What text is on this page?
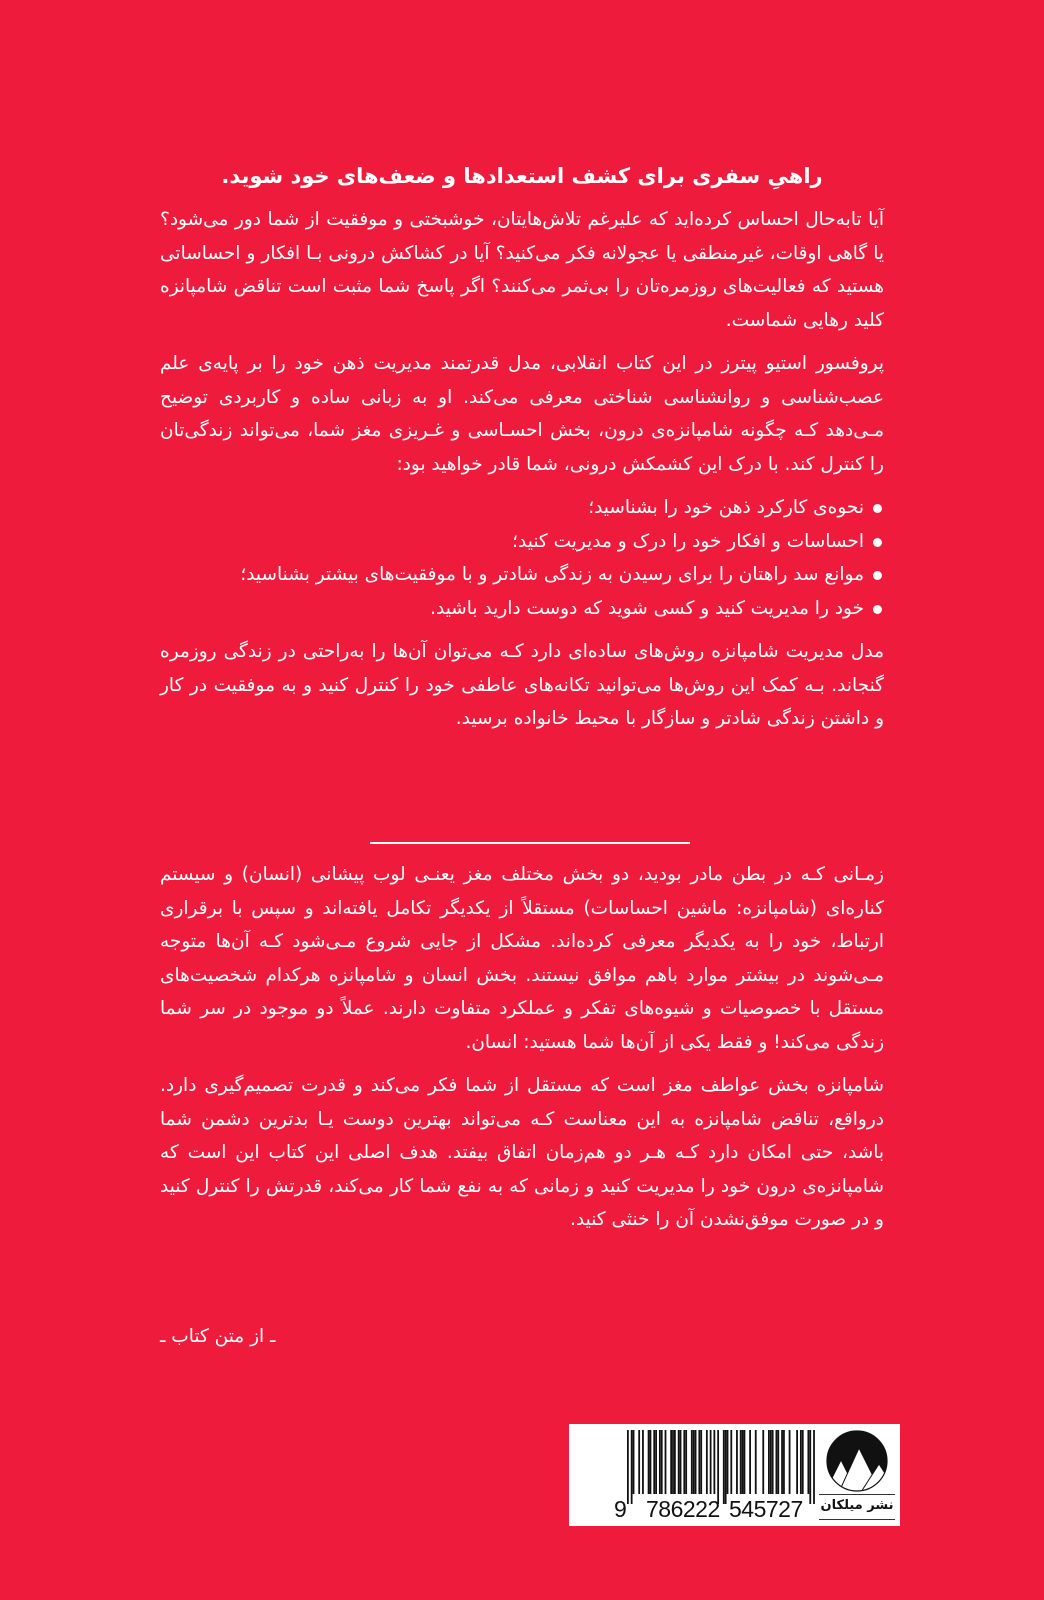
راهیِ سفری برای کشف استعدادها و ضعف‌های خود شوید.

آیا تابه‌حال احساس کرده‌اید که علیرغم تلاش‌هایتان، خوشبختی و موفقیت از شما دور می‌شود؟ یا گاهی اوقات، غیرمنطقی یا عجولانه فکر می‌کنید؟ آیا در کشاکش درونی بـا افکار و احساساتی هستید که فعالیت‌های روزمره‌تان را بی‌ثمر می‌کنند؟ اگر پاسخ شما مثبت است تناقض شامپانزه کلید رهایی شماست.

پروفسور استیو پیترز در این کتاب انقلابی، مدل قدرتمند مدیریت ذهن خود را بر پایه‌ی علم عصب‌شناسی و روانشناسی شناختی معرفی می‌کند. او به زبانی ساده و کاربردی توضیح مـی‌دهد کـه چگونه شامپانزه‌ی درون، بخش احسـاسی و غـریزی مغز شما، می‌تواند زندگی‌تان را کنترل کند. با درک این کشمکش درونی، شما قادر خواهید بود:

نحوه‌ی کارکرد ذهن خود را بشناسید؛
احساسات و افکار خود را درک و مدیریت کنید؛
موانع سد راهتان را برای رسیدن به زندگی شادتر و با موفقیت‌های بیشتر بشناسید؛
خود را مدیریت کنید و کسی شوید که دوست دارید باشید.

مدل مدیریت شامپانزه روش‌های ساده‌ای دارد کـه می‌توان آن‌ها را به‌راحتی در زندگی روزمره گنجاند. بـه کمک این روش‌ها می‌توانید تکانه‌های عاطفی خود را کنترل کنید و به موفقیت در کار و داشتن زندگی شادتر و سازگار با محیط خانواده برسید.

زمـانی کـه در بطن مادر بودید، دو بخش مختلف مغز یعنـی لوب پیشانی (انسان) و سیستم کناره‌ای (شامپانزه: ماشین احساسات) مستقلاً از یکدیگر تکامل یافته‌اند و سپس با برقراری ارتباط، خود را به یکدیگر معرفی کرده‌اند. مشکل از جایی شروع مـی‌شود کـه آن‌ها متوجه مـی‌شوند در بیشتر موارد باهم موافق نیستند. بخش انسان و شامپانزه هرکدام شخصیت‌های مستقل با خصوصیات و شیوه‌های تفکر و عملکرد متفاوت دارند. عملاً دو موجود در سر شما زندگی می‌کند! و فقط یکی از آن‌ها شما هستید: انسان.

شامپانزه بخش عواطف مغز است که مستقل از شما فکر می‌کند و قدرت تصمیم‌گیری دارد. درواقع، تناقض شامپانزه به این معناست کـه می‌تواند بهترین دوست یـا بدترین دشمن شما باشد، حتی امکان دارد کـه هـر دو هم‌زمان اتفاق بیفتد. هدف اصلی این کتاب این است که شامپانزه‌ی درون خود را مدیریت کنید و زمانی که به نفع شما کار می‌کند، قدرتش را کنترل کنید و در صورت موفق‌نشدن آن را خنثی کنید.

ـ از متن کتاب ـ
9 786222 545727 نشر میلکان
